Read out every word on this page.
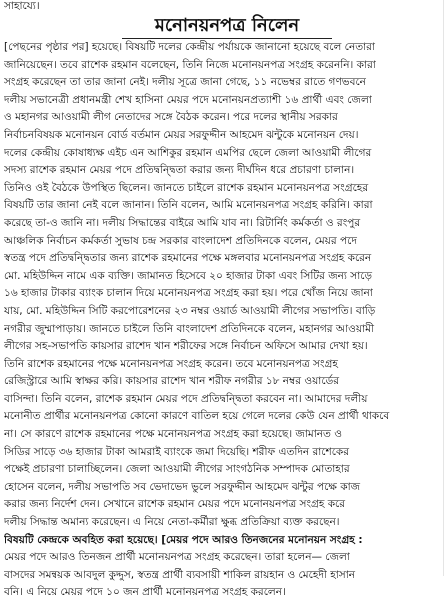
সাহায্যে।
মনোনয়নপত্র নিলেন
[পেছনের পৃষ্ঠার পর] হয়েছে। বিষয়টি দলের কেন্দ্রীয় পর্যায়কে জানানো হয়েছে বলে নেতারা
জানিয়েছেন। তবে রাশেক রহমান বলেছেন, তিনি নিজে মনোনয়নপত্র সংগ্রহ করেননি। কারা
সংগ্রহ করেছেন তা তার জানা নেই। দলীয় সূত্রে জানা গেছে, ১১ নভেম্বর রাতে গণভবনে
দলীয় সভানেত্রী প্রধানমন্ত্রী শেখ হাসিনা মেয়র পদে মনোনয়নপ্রত্যাশী ১৬ প্রার্থী এবং জেলা
ও মহানগর আওয়ামী লীগ নেতাদের সঙ্গে বৈঠক করেন। পরে দলের স্থানীয় সরকার
নির্বাচনবিষয়ক মনোনয়ন বোর্ড বর্তমান মেয়র সরফুদ্দীন আহমেদ ঝন্টুকে মনোনয়ন দেয়।
দলের কেন্দ্রীয় কোষাধ্যক্ষ এইচ এন আশিকুর রহমান এমপির ছেলে জেলা আওয়ামী লীগের
সদস্য রাশেক রহমান মেয়র পদে প্রতিদ্বন্দ্বিতা করার জন্য দীর্ঘদিন ধরে প্রচারণা চালান।
তিনিও ওই বৈঠকে উপস্থিত ছিলেন। জানতে চাইলে রাশেক রহমান মনোনয়নপত্র সংগ্রহের
বিষয়টি তার জানা নেই বলে জানান। তিনি বলেন, আমি মনোনয়নপত্র সংগ্রহ করিনি। কারা
করেছে তা-ও জানি না। দলীয় সিদ্ধান্তের বাইরে আমি যাব না। রিটার্নিং কর্মকর্তা ও রংপুর
আঞ্চলিক নির্বাচন কর্মকর্তা সুভাষ চন্দ্র সরকার বাংলাদেশ প্রতিদিনকে বলেন, মেয়র পদে
স্বতন্ত্র পদে প্রতিদ্বন্দ্বিতার জন্য রাশেক রহমানের পক্ষে মঙ্গলবার মনোনয়নপত্র সংগ্রহ করেন
মো. মহিউদ্দিন নামে এক ব্যক্তি। জামানত হিসেবে ২০ হাজার টাকা এবং সিটির জন্য সাড়ে
১৬ হাজার টাকার ব্যাংক চালান দিয়ে মনোনয়নপত্র সংগ্রহ করা হয়। পরে খোঁজ নিয়ে জানা
যায়, মো. মহিউদ্দিন সিটি করপোরেশনের ২৩ নম্বর ওয়ার্ড আওয়ামী লীগের সভাপতি। বাড়ি
নগরীর জুম্মাপাড়ায়। জানতে চাইলে তিনি বাংলাদেশ প্রতিদিনকে বলেন, মহানগর আওয়ামী
লীগের সহ-সভাপতি কায়সার রাশেদ খান শরীফের সঙ্গে নির্বাচন অফিসে আমার দেখা হয়।
তিনি রাশেক রহমানের পক্ষে মনোনয়নপত্র সংগ্রহ করেন। তবে মনোনয়নপত্র সংগ্রহ
রেজিস্ট্রারে আমি স্বাক্ষর করি। কায়সার রাশেদ খান শরীফ নগরীর ১৮ নম্বর ওয়ার্ডের
বাসিন্দা। তিনি বলেন, রাশেক রহমান মেয়র পদে প্রতিদ্বন্দ্বিতা করবেন না। আমাদের দলীয়
মনোনীত প্রার্থীর মনোনয়নপত্র কোনো কারণে বাতিল হয়ে গেলে দলের কেউ যেন প্রার্থী থাকবে
না। সে কারণে রাশেক রহমানের পক্ষে মনোনয়নপত্র সংগ্রহ করা হয়েছে। জামানত ও
সিডির সাড়ে ৩৬ হাজার টাকা আমরাই ব্যাংকে জমা দিয়েছি। শরীফ এতদিন রাশেকের
পক্ষেই প্রচারণা চালাচ্ছিলেন। জেলা আওয়ামী লীগের সাংগঠনিক সম্পাদক মোতাহার
হোসেন বলেন, দলীয় সভাপতি সব ভেদাভেদ ভুলে সরফুদ্দীন আহমেদ ঝন্টুর পক্ষে কাজ
করার জন্য নির্দেশ দেন। সেখানে রাশেক রহমান মেয়র পদে মনোনয়নপত্র সংগ্রহ করে
দলীয় সিদ্ধান্ত অমান্য করেছেন। এ নিয়ে নেতা-কর্মীরা ক্ষুব্ধ প্রতিক্রিয়া ব্যক্ত করছেন।
বিষয়টি কেন্দ্রকে অবহিত করা হয়েছে। [মেয়র পদে আরও তিনজনের মনোনয়ন সংগ্রহ :
মেয়র পদে আরও তিনজন প্রার্থী মনোনয়নপত্র সংগ্রহ করেছেন। তারা হলেন— জেলা
বাসদের সমন্বয়ক আবদুল কুদ্দুস, স্বতন্ত্র প্রার্থী ব্যবসায়ী শাকিল রায়হান ও মেহেদী হাসান
বনি। এ নিয়ে মেয়র পদে ১০ জন প্রার্থী মনোনয়নপত্র সংগ্রহ করলেন।
